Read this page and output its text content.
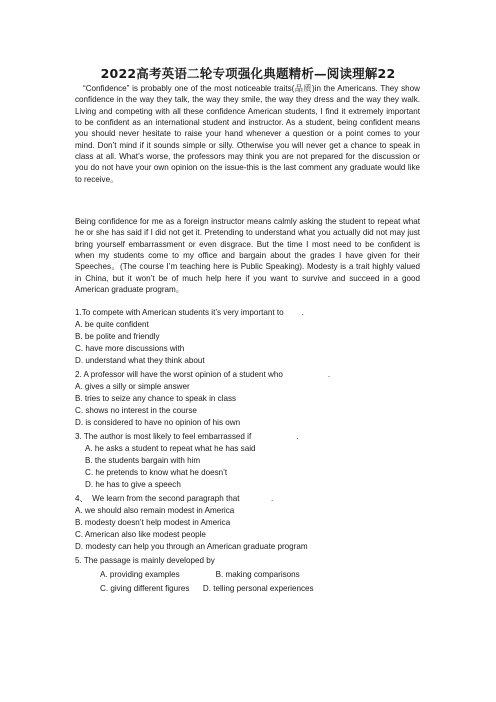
2022高考英语二轮专项强化典题精析—阅读理解22

“Confidence” is probably one of the most noticeable traits(品质)in the Americans. They show confidence in the way they talk, the way they smile, the way they dress and the way they walk. Living and competing with all these confidence American students, I find it extremely important to be confident as an international student and instructor. As a student, being confident means you should never hesitate to raise your hand whenever a question or a point comes to your mind. Don’t mind if it sounds simple or silly. Otherwise you will never get a chance to speak in class at all. What’s worse, the professors may think you are not prepared for the discussion or you do not have your own opinion on the issue-this is the last comment any graduate would like to receive。

Being confidence for me as a foreign instructor means calmly asking the student to repeat what he or she has said if I did not get it. Pretending to understand what you actually did not may just bring yourself embarrassment or even disgrace. But the time I most need to be confident is when my students come to my office and bargain about the grades I have given for their Speeches。(The course I’m teaching here is Public Speaking). Modesty is a trait highly valued in China, but it won’t be of much help here if you want to survive and succeed in a good American graduate program。

1.To compete with American students it’s very important to        .
A. be quite confident
B. be polite and friendly
C. have more discussions with
D. understand what they think about
2. A professor will have the worst opinion of a student who                    .
A. gives a silly or simple answer
B. tries to seize any chance to speak in class
C. shows no interest in the course
D. is considered to have no opinion of his own
3. The author is most likely to feel embarrassed if                    .
A. he asks a student to repeat what he has said
B. the students bargain with him
C. he pretends to know what he doesn’t
D. he has to give a speech
4、  We learn from the second paragraph that              .
A. we should also remain modest in America
B. modesty doesn’t help modest in America
C. American also like modest people
D. modesty can help you through an American graduate program
5. The passage is mainly developed by
A. providing examples                B. making comparisons
C. giving different figures      D. telling personal experiences
